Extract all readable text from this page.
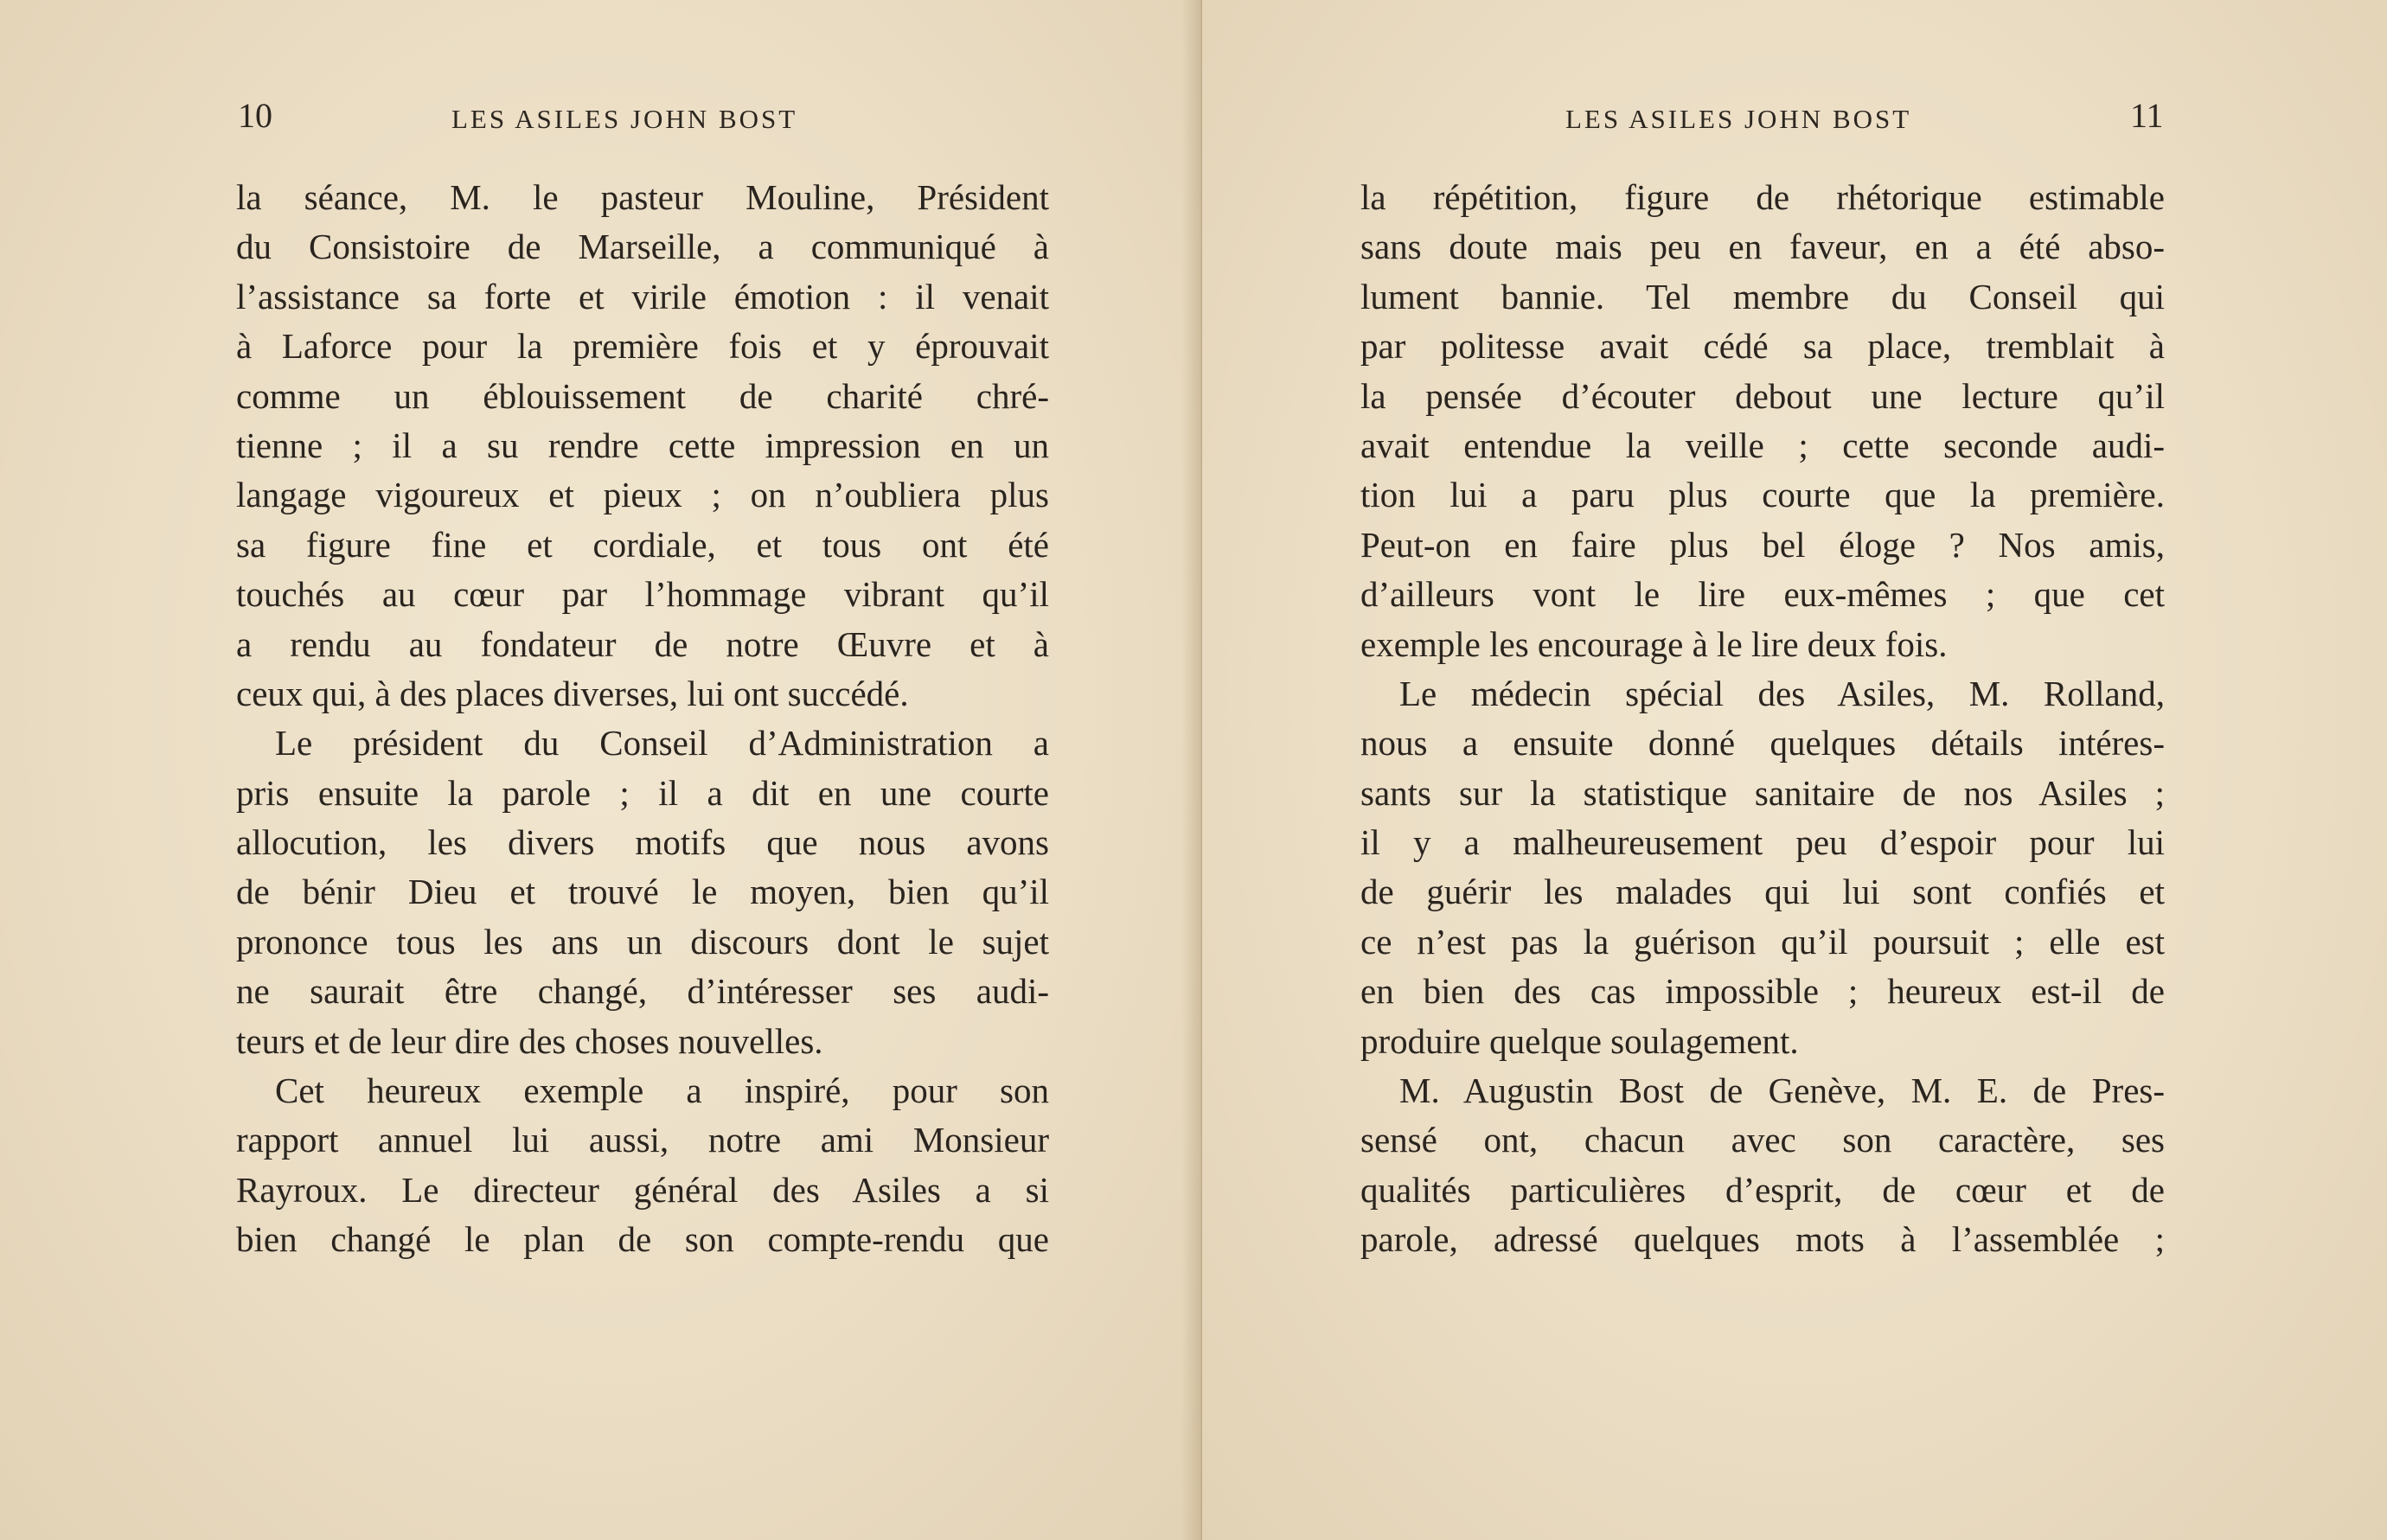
10	LES ASILES JOHN BOST
la séance, M. le pasteur Mouline, Président
du Consistoire de Marseille, a communiqué à
l’assistance sa forte et virile émotion : il venait
à Laforce pour la première fois et y éprouvait
comme un éblouissement de charité chré-
tienne ; il a su rendre cette impression en un
langage vigoureux et pieux ; on n’oubliera plus
sa figure fine et cordiale, et tous ont été
touchés au cœur par l’hommage vibrant qu’il
a rendu au fondateur de notre Œuvre et à
ceux qui, à des places diverses, lui ont succédé.
Le président du Conseil d’Administration a
pris ensuite la parole ; il a dit en une courte
allocution, les divers motifs que nous avons
de bénir Dieu et trouvé le moyen, bien qu’il
prononce tous les ans un discours dont le sujet
ne saurait être changé, d’intéresser ses audi-
teurs et de leur dire des choses nouvelles.
Cet heureux exemple a inspiré, pour son
rapport annuel lui aussi, notre ami Monsieur
Rayroux. Le directeur général des Asiles a si
bien changé le plan de son compte-rendu que
LES ASILES JOHN BOST	11
la répétition, figure de rhétorique estimable
sans doute mais peu en faveur, en a été abso-
lument bannie. Tel membre du Conseil qui
par politesse avait cédé sa place, tremblait à
la pensée d’écouter debout une lecture qu’il
avait entendue la veille ; cette seconde audi-
tion lui a paru plus courte que la première.
Peut-on en faire plus bel éloge ? Nos amis,
d’ailleurs vont le lire eux-mêmes ; que cet
exemple les encourage à le lire deux fois.
Le médecin spécial des Asiles, M. Rolland,
nous a ensuite donné quelques détails intéres-
sants sur la statistique sanitaire de nos Asiles ;
il y a malheureusement peu d’espoir pour lui
de guérir les malades qui lui sont confiés et
ce n’est pas la guérison qu’il poursuit ; elle est
en bien des cas impossible ; heureux est-il de
produire quelque soulagement.
M. Augustin Bost de Genève, M. E. de Pres-
sensé ont, chacun avec son caractère, ses
qualités particulières d’esprit, de cœur et de
parole, adressé quelques mots à l’assemblée ;
